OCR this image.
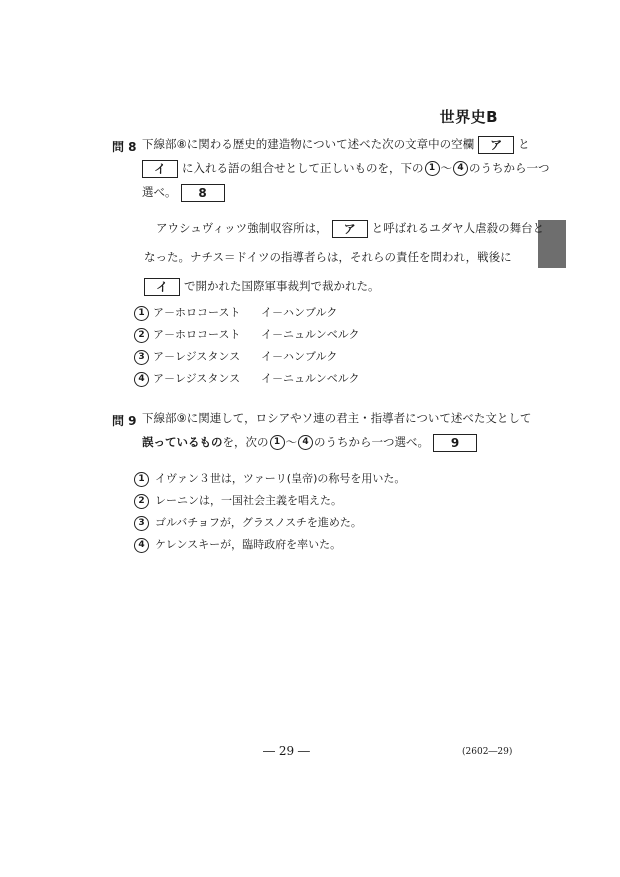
世界史B
問 8 下線部⑧に関わる歴史的建造物について述べた次の文章中の空欄 ア と
イ に入れる語の組合せとして正しいものを，下の 1 ～ 4 のうちから一つ
選べ。 8
アウシュヴィッツ強制収容所は， ア と呼ばれるユダヤ人虐殺の舞台と
なった。ナチス＝ドイツの指導者らは，それらの責任を問われ，戦後に
イ で開かれた国際軍事裁判で裁かれた。
1 ア－ホロコースト イ－ハンブルク
2 ア－ホロコースト イ－ニュルンベルク
3 ア－レジスタンス イ－ハンブルク
4 ア－レジスタンス イ－ニュルンベルク
問 9 下線部⑨に関連して，ロシアやソ連の君主・指導者について述べた文として
誤っているものを，次の 1 ～ 4 のうちから一つ選べ。 9
1 イヴァン３世は，ツァーリ(皇帝)の称号を用いた。
2 レーニンは，一国社会主義を唱えた。
3 ゴルバチョフが，グラスノスチを進めた。
4 ケレンスキーが，臨時政府を率いた。
― 29 ―	(2602―29)
